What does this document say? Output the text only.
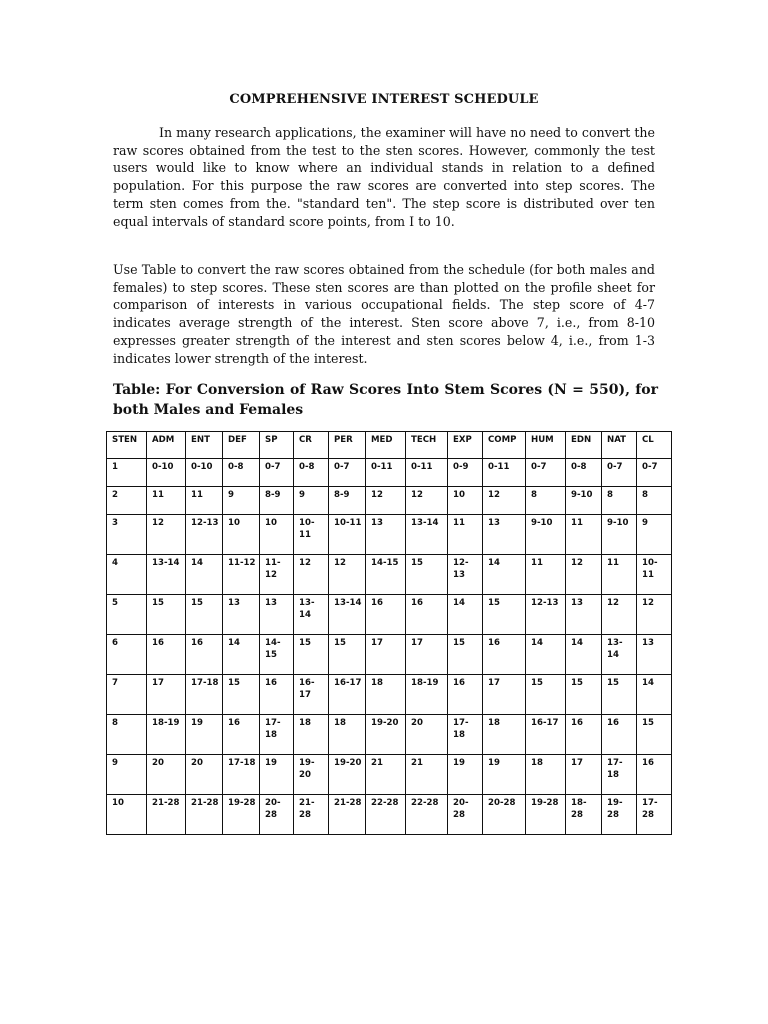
COMPREHENSIVE INTEREST SCHEDULE

In many research applications, the examiner will have no need to convert the raw scores obtained from the test to the sten scores. However, commonly the test users would like to know where an individual stands in relation to a defined population. For this purpose the raw scores are converted into step scores. The term sten comes from the. "standard ten". The step score is distributed over ten equal intervals of standard score points, from I to 10.

Use Table to convert the raw scores obtained from the schedule (for both males and females) to step scores. These sten scores are than plotted on the profile sheet for comparison of interests in various occupational fields. The step score of 4-7 indicates average strength of the interest. Sten score above 7, i.e., from 8-10 expresses greater strength of the interest and sten scores below 4, i.e., from 1-3 indicates lower strength of the interest.

Table: For Conversion of Raw Scores Into Stem Scores (N = 550), for both Males and Females

STEN	ADM	ENT	DEF	SP	CR	PER	MED	TECH	EXP	COMP	HUM	EDN	NAT	CL
1	0-10	0-10	0-8	0-7	0-8	0-7	0-11	0-11	0-9	0-11	0-7	0-8	0-7	0-7
2	11	11	9	8-9	9	8-9	12	12	10	12	8	9-10	8	8
3	12	12-13	10	10	10-11	10-11	13	13-14	11	13	9-10	11	9-10	9
4	13-14	14	11-12	11-12	12	12	14-15	15	12-13	14	11	12	11	10-11
5	15	15	13	13	13-14	13-14	16	16	14	15	12-13	13	12	12
6	16	16	14	14-15	15	15	17	17	15	16	14	14	13-14	13
7	17	17-18	15	16	16-17	16-17	18	18-19	16	17	15	15	15	14
8	18-19	19	16	17-18	18	18	19-20	20	17-18	18	16-17	16	16	15
9	20	20	17-18	19	19-20	19-20	21	21	19	19	18	17	17-18	16
10	21-28	21-28	19-28	20-28	21-28	21-28	22-28	22-28	20-28	20-28	19-28	18-28	19-28	17-28
